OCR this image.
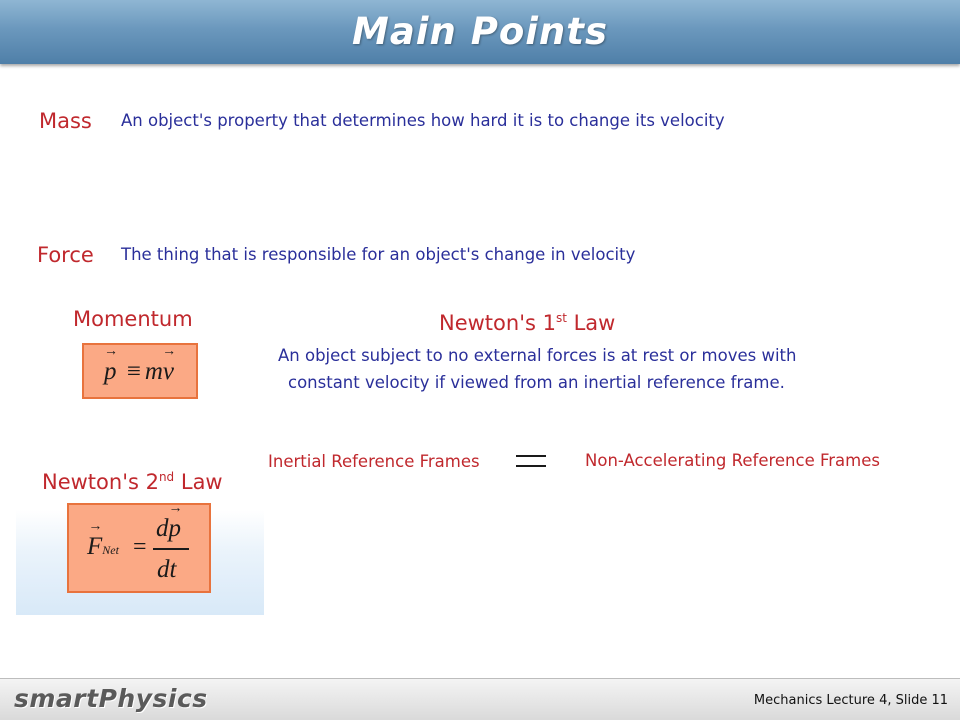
Main Points
Mass An object's property that determines how hard it is to change its velocity
Force The thing that is responsible for an object's change in velocity
Momentum
→ p ≡ m→ v
Newton's 1st Law
An object subject to no external forces is at rest or moves with
constant velocity if viewed from an inertial reference frame.
Inertial Reference Frames	Non-Accelerating Reference Frames
Newton's 2nd Law
→ FNet =
d→ p
dt
smartPhysics	Mechanics Lecture 4, Slide 11
